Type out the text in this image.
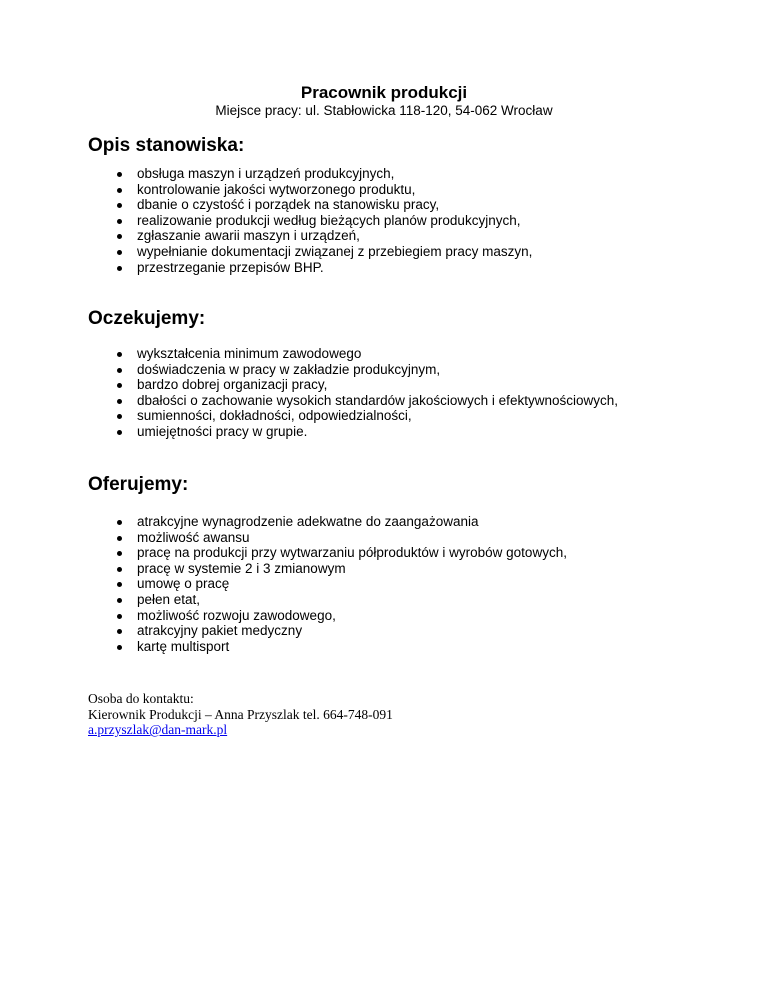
Pracownik produkcji

Miejsce pracy: ul. Stabłowicka 118-120, 54-062 Wrocław

Opis stanowiska:
obsługa maszyn i urządzeń produkcyjnych,
kontrolowanie jakości wytworzonego produktu,
dbanie o czystość i porządek na stanowisku pracy,
realizowanie produkcji według bieżących planów produkcyjnych,
zgłaszanie awarii maszyn i urządzeń,
wypełnianie dokumentacji związanej z przebiegiem pracy maszyn,
przestrzeganie przepisów BHP.
Oczekujemy:
wykształcenia minimum zawodowego
doświadczenia w pracy w zakładzie produkcyjnym,
bardzo dobrej organizacji pracy,
dbałości o zachowanie wysokich standardów jakościowych i efektywnościowych,
sumienności, dokładności, odpowiedzialności,
umiejętności pracy w grupie.
Oferujemy:
atrakcyjne wynagrodzenie adekwatne do zaangażowania
możliwość awansu
pracę na produkcji przy wytwarzaniu półproduktów i wyrobów gotowych,
pracę w systemie 2 i 3 zmianowym
umowę o pracę
pełen etat,
możliwość rozwoju zawodowego,
atrakcyjny pakiet medyczny
kartę multisport
Osoba do kontaktu:
Kierownik Produkcji – Anna Przyszlak tel. 664-748-091
a.przyszlak@dan-mark.pl
